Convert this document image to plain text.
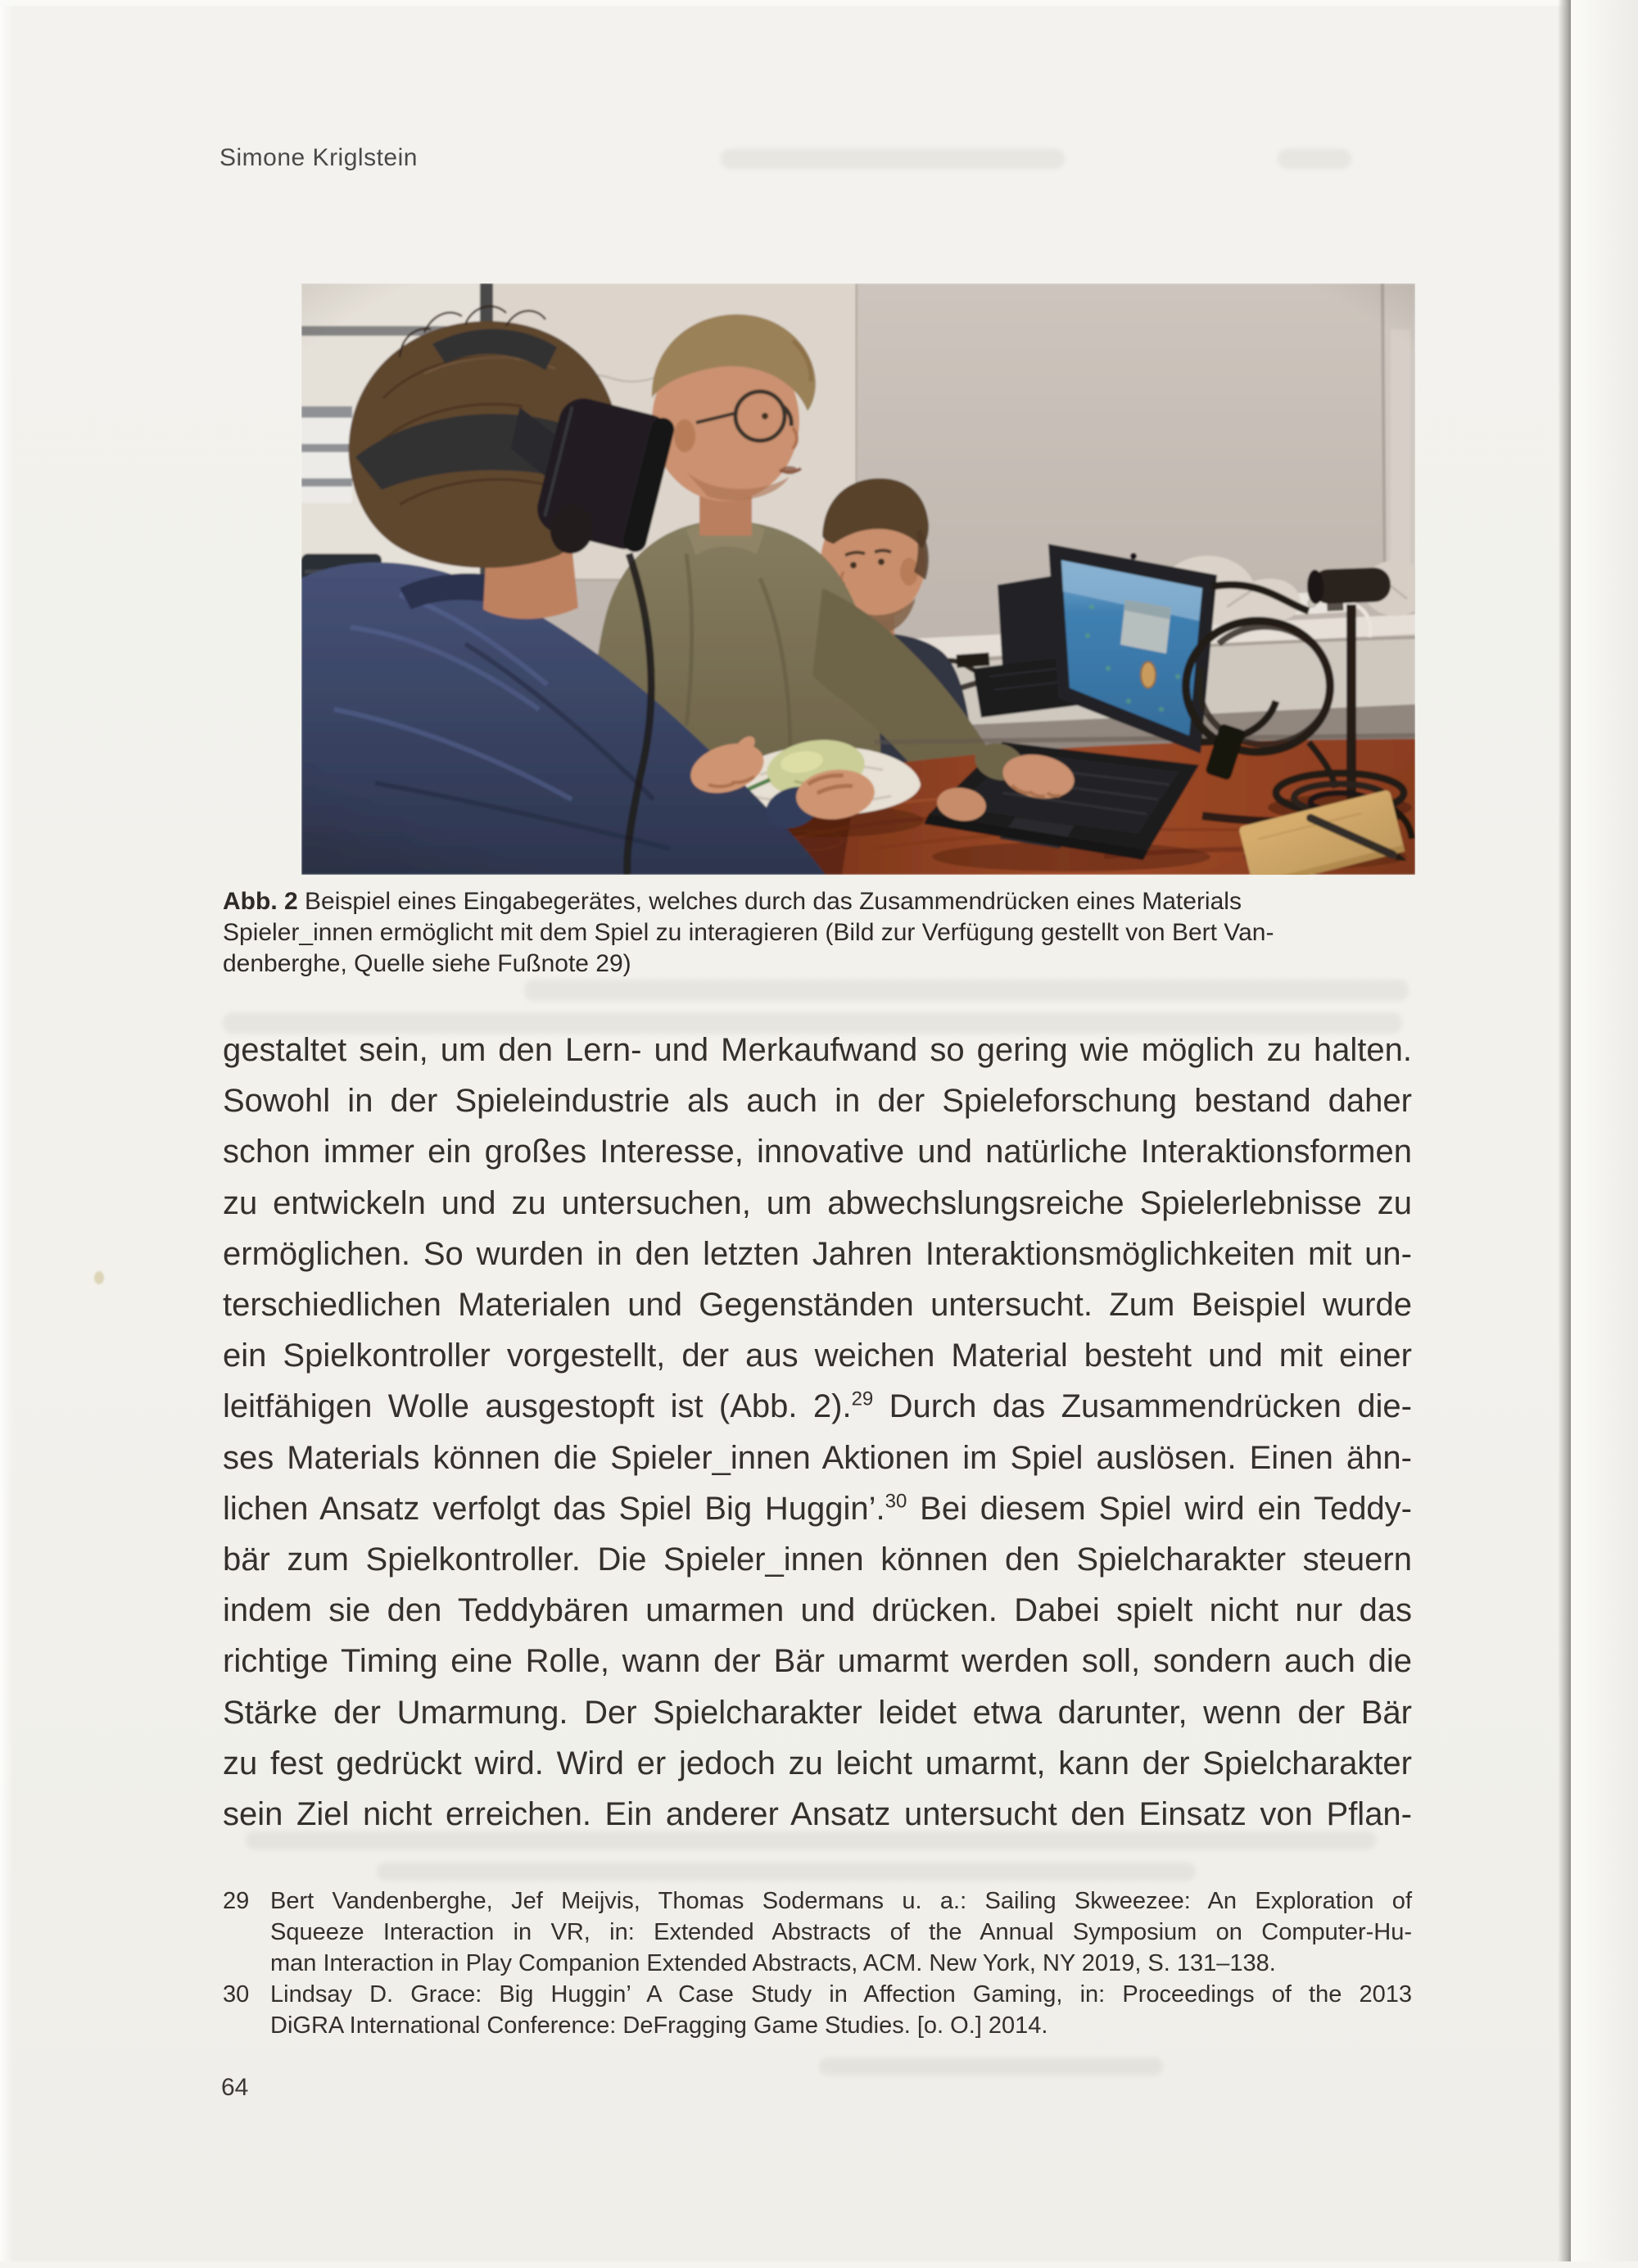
Simone Kriglstein
Abb. 2 Beispiel eines Eingabegerätes, welches durch das Zusammendrücken eines Materials
Spieler_innen ermöglicht mit dem Spiel zu interagieren (Bild zur Verfügung gestellt von Bert Van-
denberghe, Quelle siehe Fußnote 29)
gestaltet sein, um den Lern- und Merkaufwand so gering wie möglich zu halten.
Sowohl in der Spieleindustrie als auch in der Spieleforschung bestand daher
schon immer ein großes Interesse, innovative und natürliche Interaktionsformen
zu entwickeln und zu untersuchen, um abwechslungsreiche Spielerlebnisse zu
ermöglichen. So wurden in den letzten Jahren Interaktionsmöglichkeiten mit un-
terschiedlichen Materialen und Gegenständen untersucht. Zum Beispiel wurde
ein Spielkontroller vorgestellt, der aus weichen Material besteht und mit einer
leitfähigen Wolle ausgestopft ist (Abb. 2).$^{29}$ Durch das Zusammendrücken die-
ses Materials können die Spieler_innen Aktionen im Spiel auslösen. Einen ähn-
lichen Ansatz verfolgt das Spiel Big Huggin’.$^{30}$ Bei diesem Spiel wird ein Teddy-
bär zum Spielkontroller. Die Spieler_innen können den Spielcharakter steuern
indem sie den Teddybären umarmen und drücken. Dabei spielt nicht nur das
richtige Timing eine Rolle, wann der Bär umarmt werden soll, sondern auch die
Stärke der Umarmung. Der Spielcharakter leidet etwa darunter, wenn der Bär
zu fest gedrückt wird. Wird er jedoch zu leicht umarmt, kann der Spielcharakter
sein Ziel nicht erreichen. Ein anderer Ansatz untersucht den Einsatz von Pflan-
29 Bert Vandenberghe, Jef Meijvis, Thomas Sodermans u. a.: Sailing Skweezee: An Exploration of
Squeeze Interaction in VR, in: Extended Abstracts of the Annual Symposium on Computer-Hu-
man Interaction in Play Companion Extended Abstracts, ACM. New York, NY 2019, S. 131–138.
30 Lindsay D. Grace: Big Huggin’ A Case Study in Affection Gaming, in: Proceedings of the 2013
DiGRA International Conference: DeFragging Game Studies. [o. O.] 2014.
64
